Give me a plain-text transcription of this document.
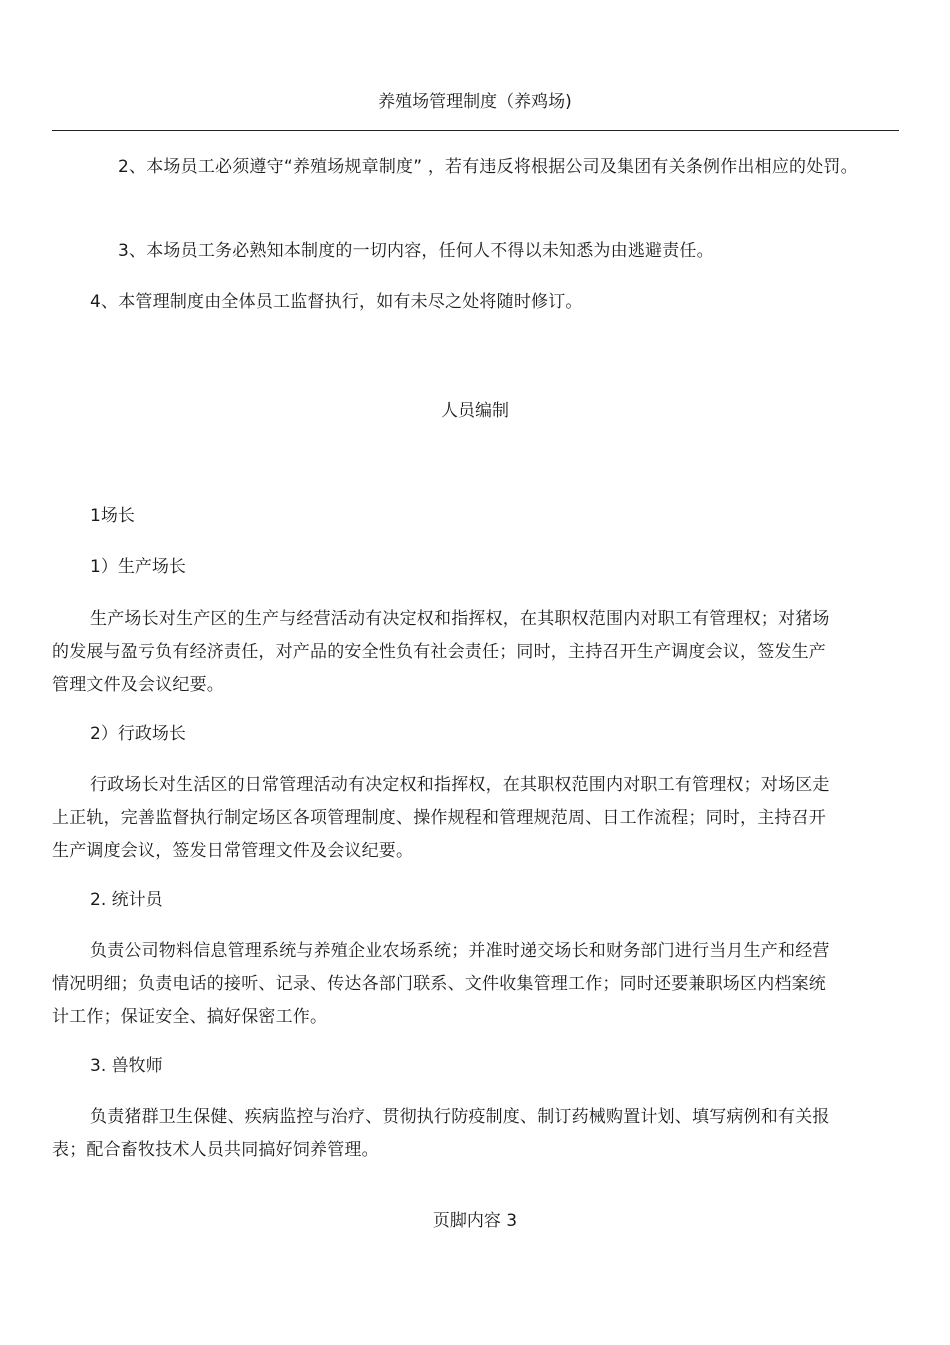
养殖场管理制度（养鸡场)

2、本场员工必须遵守“养殖场规章制度” ，若有违反将根据公司及集团有关条例作出相应的处罚。

3、本场员工务必熟知本制度的一切内容，任何人不得以未知悉为由逃避责任。

4、本管理制度由全体员工监督执行，如有未尽之处将随时修订。

人员编制
1场长
1）生产场长

生产场长对生产区的生产与经营活动有决定权和指挥权，在其职权范围内对职工有管理权；对猪场的发展与盈亏负有经济责任，对产品的安全性负有社会责任；同时，主持召开生产调度会议，签发生产管理文件及会议纪要。

2）行政场长

行政场长对生活区的日常管理活动有决定权和指挥权，在其职权范围内对职工有管理权；对场区走上正轨，完善监督执行制定场区各项管理制度、操作规程和管理规范周、日工作流程；同时，主持召开生产调度会议，签发日常管理文件及会议纪要。

2. 统计员

负责公司物料信息管理系统与养殖企业农场系统；并准时递交场长和财务部门进行当月生产和经营情况明细；负责电话的接听、记录、传达各部门联系、文件收集管理工作；同时还要兼职场区内档案统计工作；保证安全、搞好保密工作。

3. 兽牧师

负责猪群卫生保健、疾病监控与治疗、贯彻执行防疫制度、制订药械购置计划、填写病例和有关报表；配合畜牧技术人员共同搞好饲养管理。

页脚内容 3
